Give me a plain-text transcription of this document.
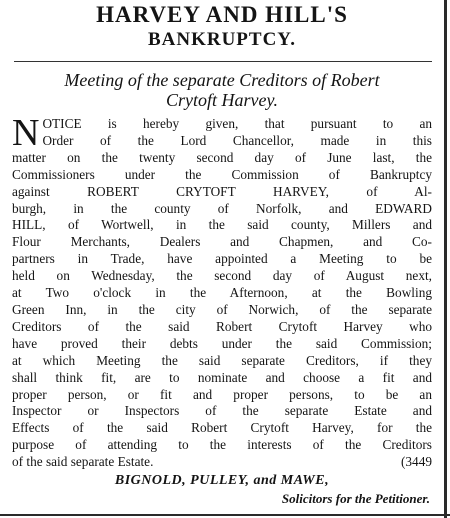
HARVEY AND HILL'S
BANKRUPTCY.

Meeting of the separate Creditors of Robert
Crytoft Harvey.

N OTICE is hereby given, that pursuant to an
Order of the Lord Chancellor, made in this
matter on the twenty second day of June last, the
Commissioners under the Commission of Bankruptcy
against ROBERT CRYTOFT HARVEY, of Al-
burgh, in the county of Norfolk, and EDWARD
HILL, of Wortwell, in the said county, Millers and
Flour Merchants, Dealers and Chapmen, and Co-
partners in Trade, have appointed a Meeting to be
held on Wednesday, the second day of August next,
at Two o'clock in the Afternoon, at the Bowling
Green Inn, in the city of Norwich, of the separate
Creditors of the said Robert Crytoft Harvey who
have proved their debts under the said Commission;
at which Meeting the said separate Creditors, if they
shall think fit, are to nominate and choose a fit and
proper person, or fit and proper persons, to be an
Inspector or Inspectors of the separate Estate and
Effects of the said Robert Crytoft Harvey, for the
purpose of attending to the interests of the Creditors
of the said separate Estate.	(3449

BIGNOLD, PULLEY, and MAWE,

Solicitors for the Petitioner.
